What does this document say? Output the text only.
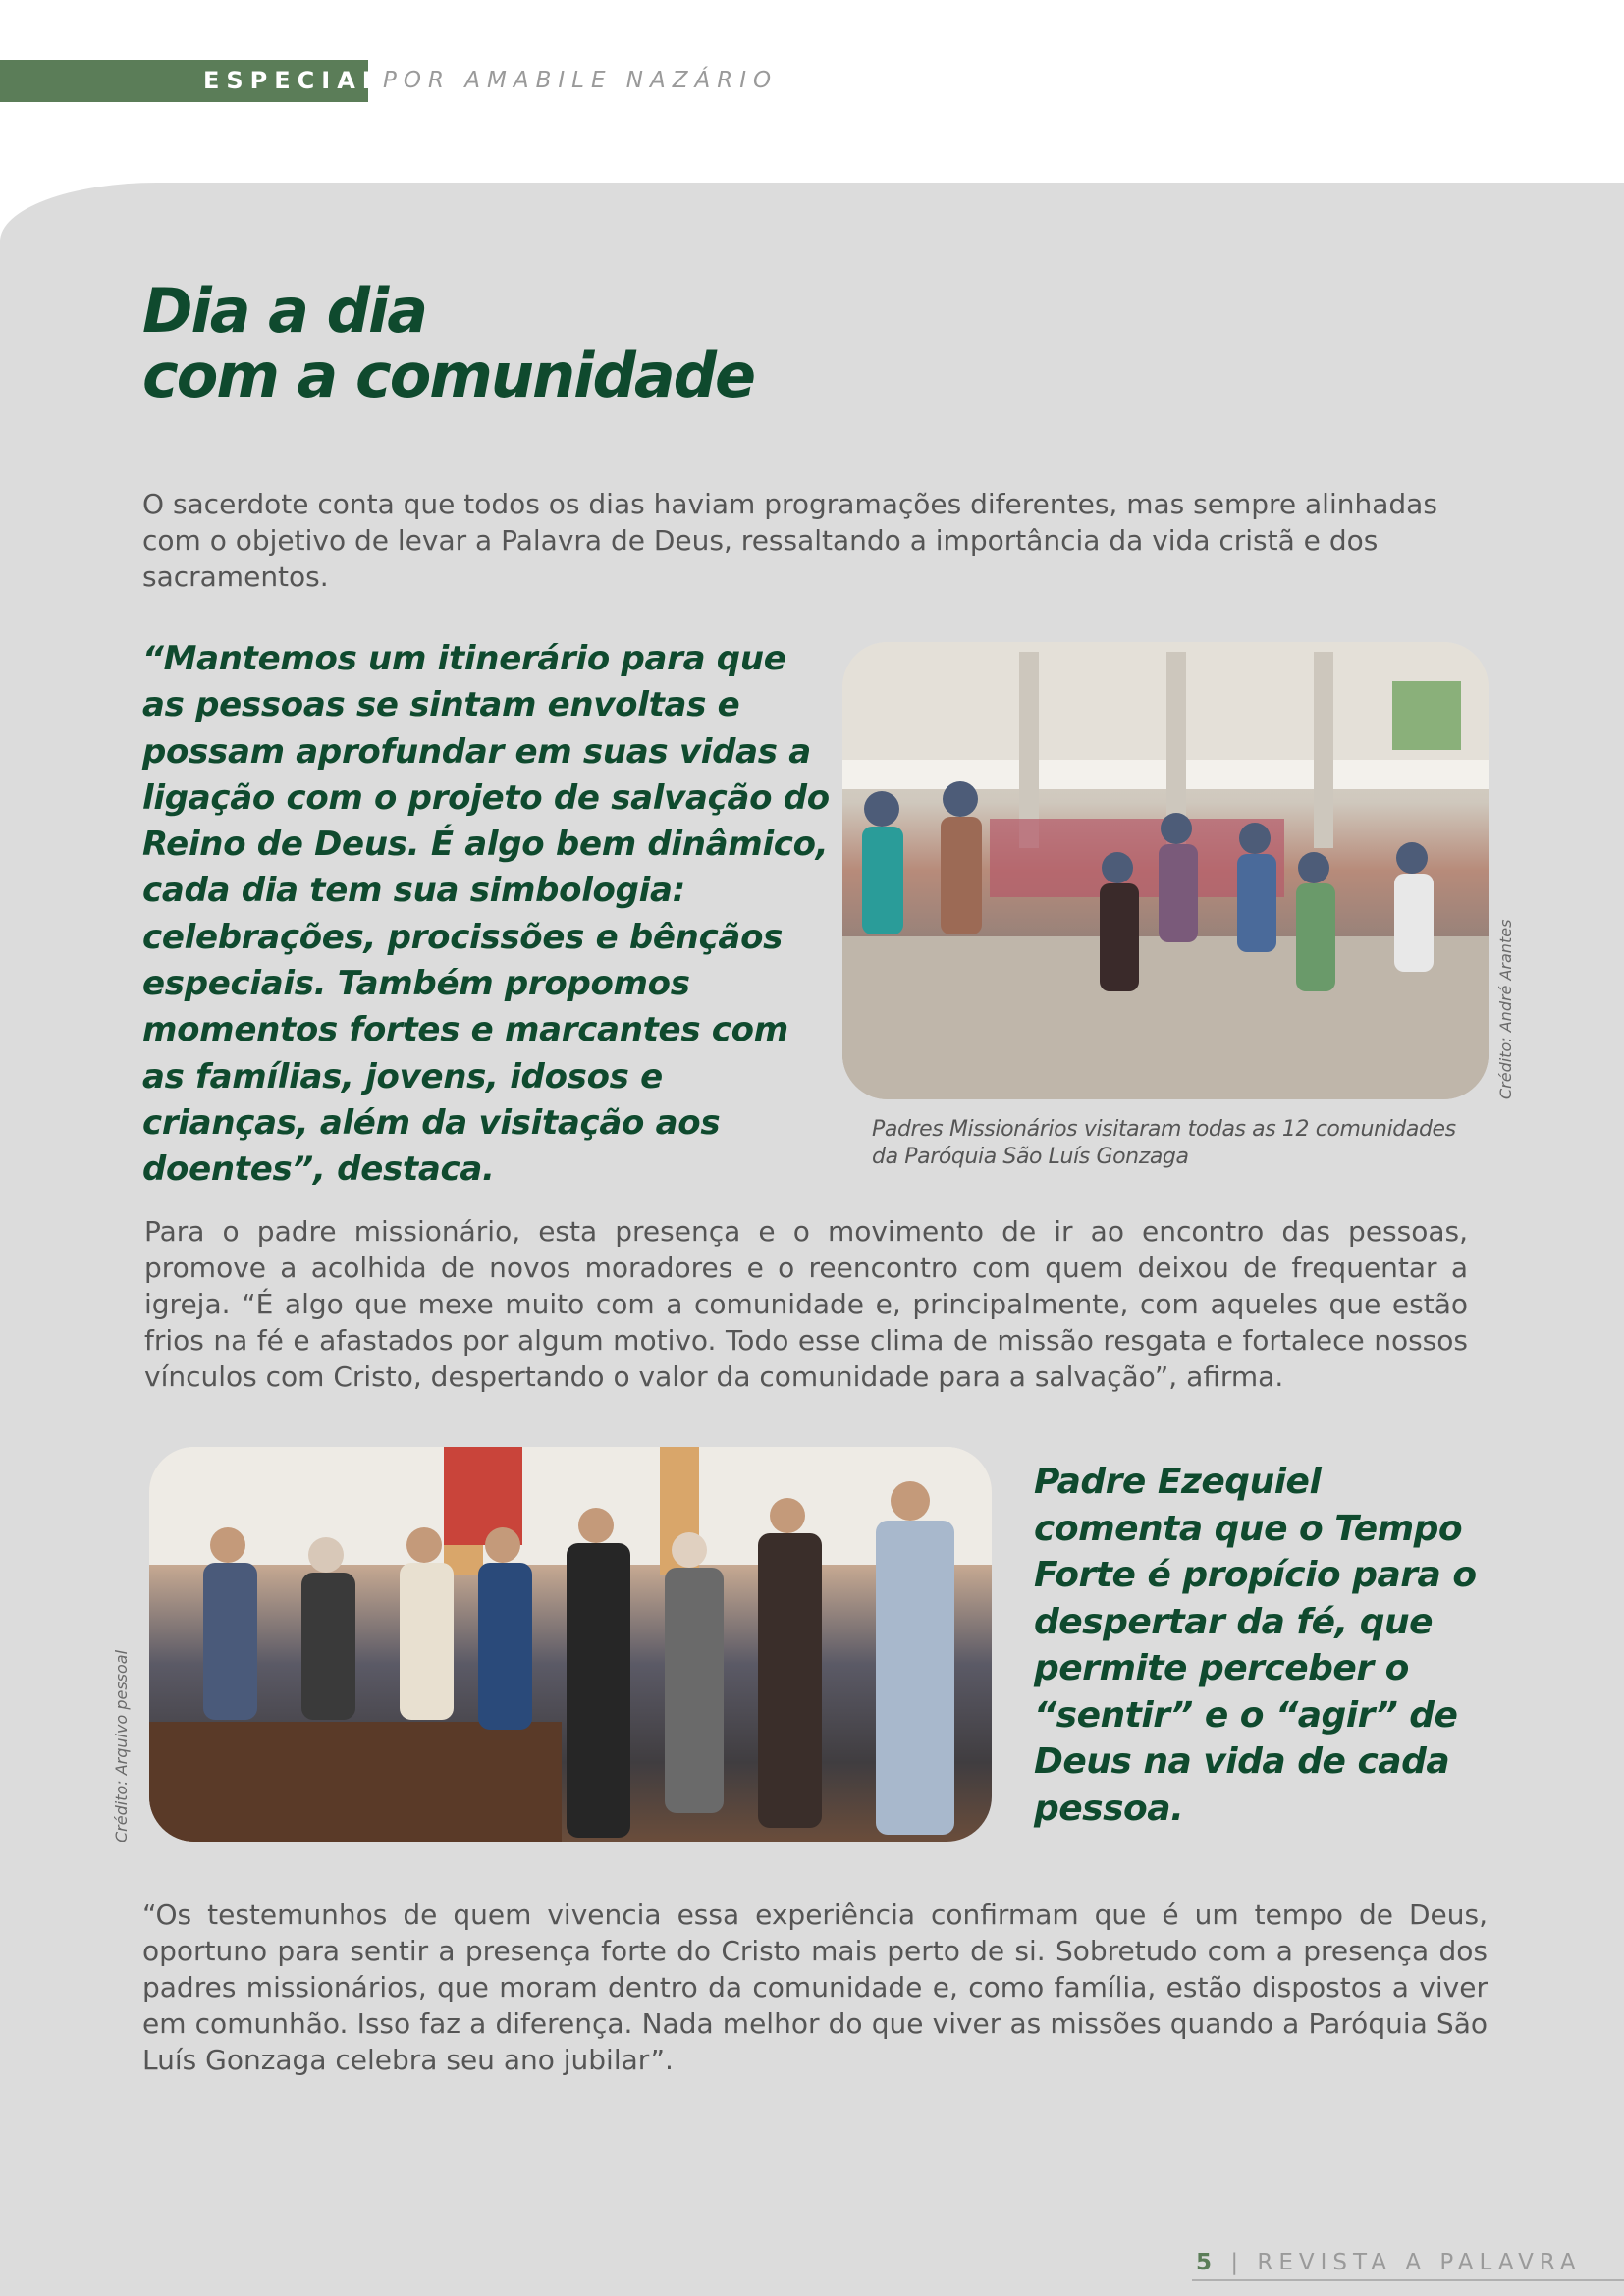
ESPECIAL
POR AMABILE NAZÁRIO
Dia a dia
com a comunidade

O sacerdote conta que todos os dias haviam programações diferentes, mas sempre alinhadas com o objetivo de levar a Palavra de Deus, ressaltando a importância da vida cristã e dos sacramentos.

“Mantemos um itinerário para que as pessoas se sintam envoltas e possam aprofundar em suas vidas a ligação com o projeto de salvação do Reino de Deus. É algo bem dinâmico, cada dia tem sua simbologia: celebrações, procissões e bênçãos especiais. Também propomos momentos fortes e marcantes com as famílias, jovens, idosos e crianças, além da visitação aos doentes”, destaca.

Crédito: André Arantes

Padres Missionários visitaram todas as 12 comunidades da Paróquia São Luís Gonzaga

Para o padre missionário, esta presença e o movimento de ir ao encontro das pessoas, promove a acolhida de novos moradores e o reencontro com quem deixou de frequentar a igreja. “É algo que mexe muito com a comunidade e, principalmente, com aqueles que estão frios na fé e afastados por algum motivo. Todo esse clima de missão resgata e fortalece nossos vínculos com Cristo, despertando o valor da comunidade para a salvação”, afirma.

Crédito: Arquivo pessoal

Padre Ezequiel comenta que o Tempo Forte é propício para o despertar da fé, que permite perceber o “sentir” e o “agir” de Deus na vida de cada pessoa.

“Os testemunhos de quem vivencia essa experiência confirmam que é um tempo de Deus, oportuno para sentir a presença forte do Cristo mais perto de si. Sobretudo com a presença dos padres missionários, que moram dentro da comunidade e, como família, estão dispostos a viver em comunhão. Isso faz a diferença. Nada melhor do que viver as missões quando a Paróquia São Luís Gonzaga celebra seu ano jubilar”.

5 | REVISTA A PALAVRA
